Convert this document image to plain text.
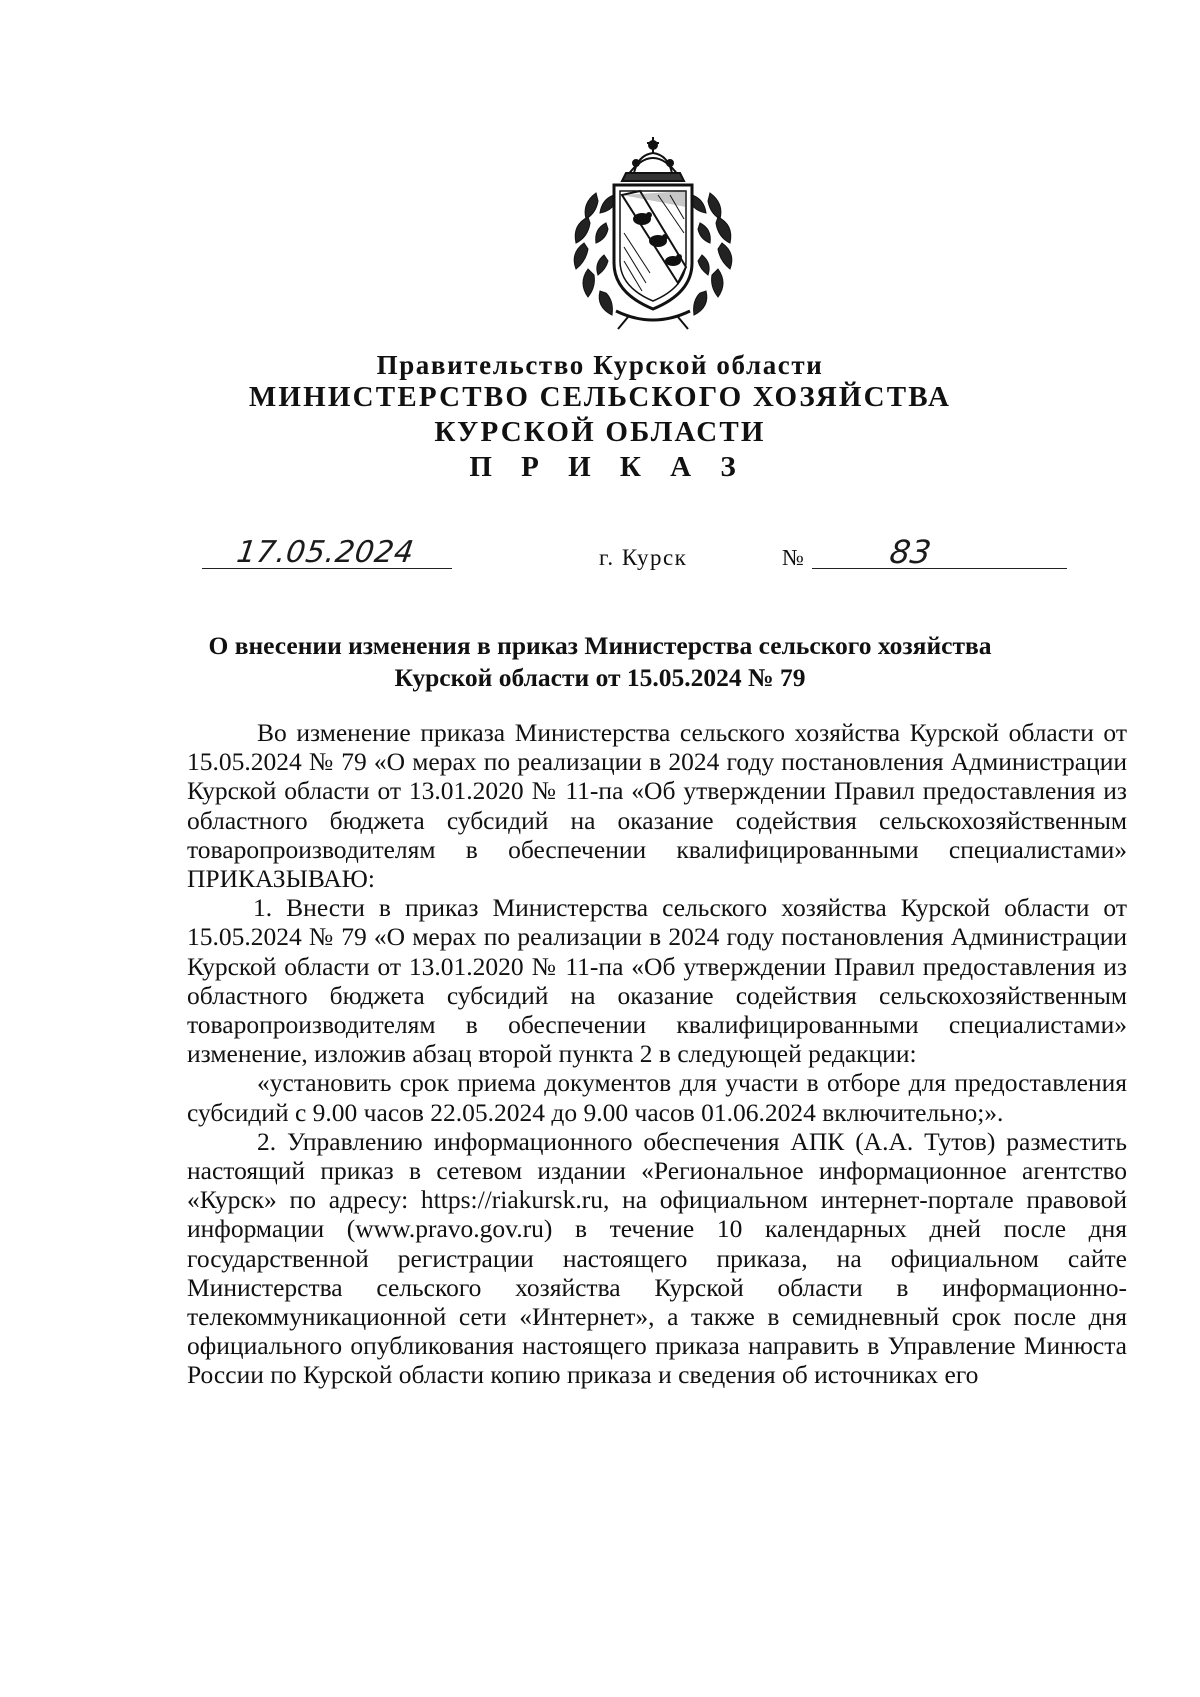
Правительство Курской области
МИНИСТЕРСТВО СЕЛЬСКОГО ХОЗЯЙСТВА
КУРСКОЙ ОБЛАСТИ
П Р И К А З
17.05.2024	г. Курск	№	83
О внесении изменения в приказ Министерства сельского хозяйства
Курской области от 15.05.2024 № 79

Во изменение приказа Министерства сельского хозяйства Курской области от 15.05.2024 № 79 «О мерах по реализации в 2024 году постановления Администрации Курской области от 13.01.2020 № 11-па «Об утверждении Правил предоставления из областного бюджета субсидий на оказание содействия сельскохозяйственным товаропроизводителям в обеспечении квалифицированными специалистами» ПРИКАЗЫВАЮ:

1. Внести в приказ Министерства сельского хозяйства Курской области от 15.05.2024 № 79 «О мерах по реализации в 2024 году постановления Администрации Курской области от 13.01.2020 № 11-па «Об утверждении Правил предоставления из областного бюджета субсидий на оказание содействия сельскохозяйственным товаропроизводителям в обеспечении квалифицированными специалистами» изменение, изложив абзац второй пункта 2 в следующей редакции:

«установить срок приема документов для участи в отборе для предоставления субсидий с 9.00 часов 22.05.2024 до 9.00 часов 01.06.2024 включительно;».

2. Управлению информационного обеспечения АПК (А.А. Тутов) разместить настоящий приказ в сетевом издании «Региональное информационное агентство «Курск» по адресу: https://riakursk.ru, на официальном интернет-портале правовой информации (www.pravo.gov.ru) в течение 10 календарных дней после дня государственной регистрации настоящего приказа, на официальном сайте Министерства сельского хозяйства Курской области в информационно-телекоммуникационной сети «Интернет», а также в семидневный срок после дня официального опубликования настоящего приказа направить в Управление Минюста России по Курской области копию приказа и сведения об источниках его
